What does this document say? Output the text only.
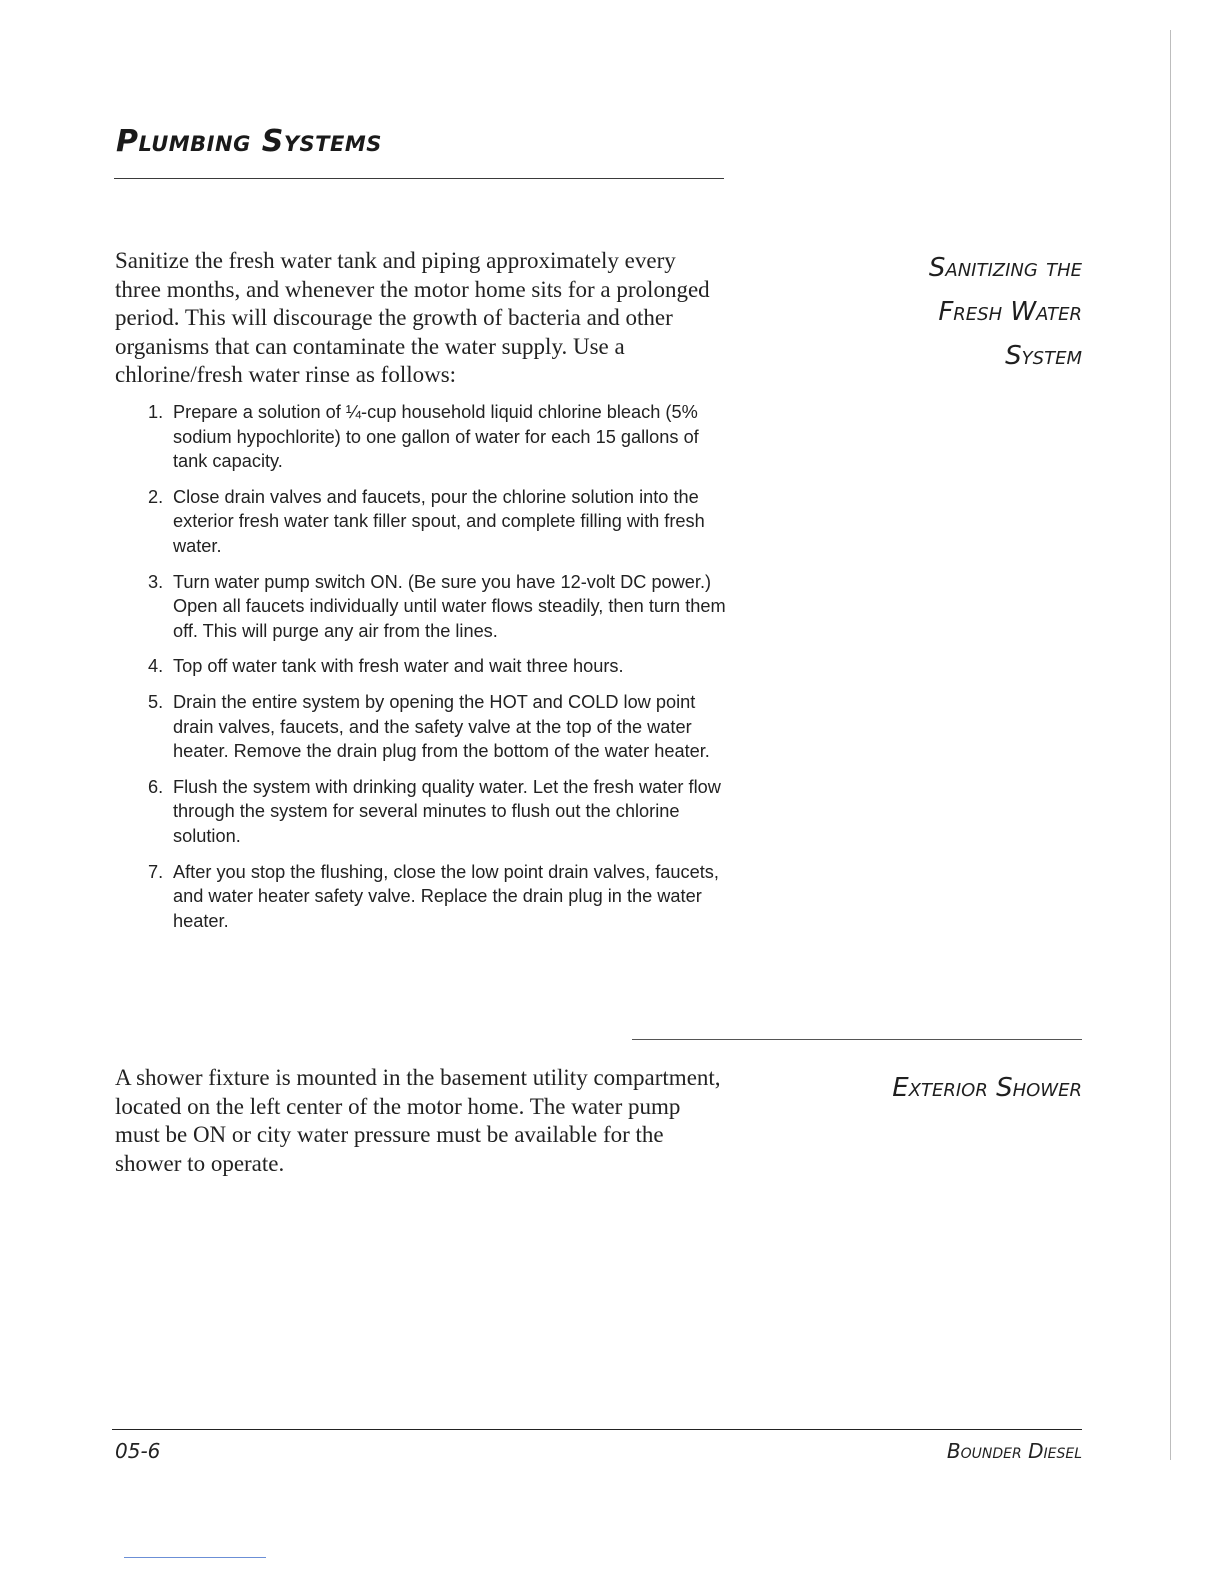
Plumbing Systems
Sanitizing the
Fresh Water
System

Sanitize the fresh water tank and piping approximately every three months, and whenever the motor home sits for a prolonged period. This will discourage the growth of bacteria and other organisms that can contaminate the water supply. Use a chlorine/fresh water rinse as follows:

1. Prepare a solution of ¼-cup household liquid chlorine bleach (5% sodium hypochlorite) to one gallon of water for each 15 gallons of tank capacity.
2. Close drain valves and faucets, pour the chlorine solution into the exterior fresh water tank filler spout, and complete filling with fresh water.
3. Turn water pump switch ON. (Be sure you have 12-volt DC power.) Open all faucets individually until water flows steadily, then turn them off. This will purge any air from the lines.
4. Top off water tank with fresh water and wait three hours.
5. Drain the entire system by opening the HOT and COLD low point drain valves, faucets, and the safety valve at the top of the water heater. Remove the drain plug from the bottom of the water heater.
6. Flush the system with drinking quality water. Let the fresh water flow through the system for several minutes to flush out the chlorine solution.
7. After you stop the flushing, close the low point drain valves, faucets, and water heater safety valve. Replace the drain plug in the water heater.
Exterior Shower

A shower fixture is mounted in the basement utility compartment, located on the left center of the motor home. The water pump must be ON or city water pressure must be available for the shower to operate.

05-6	Bounder Diesel
